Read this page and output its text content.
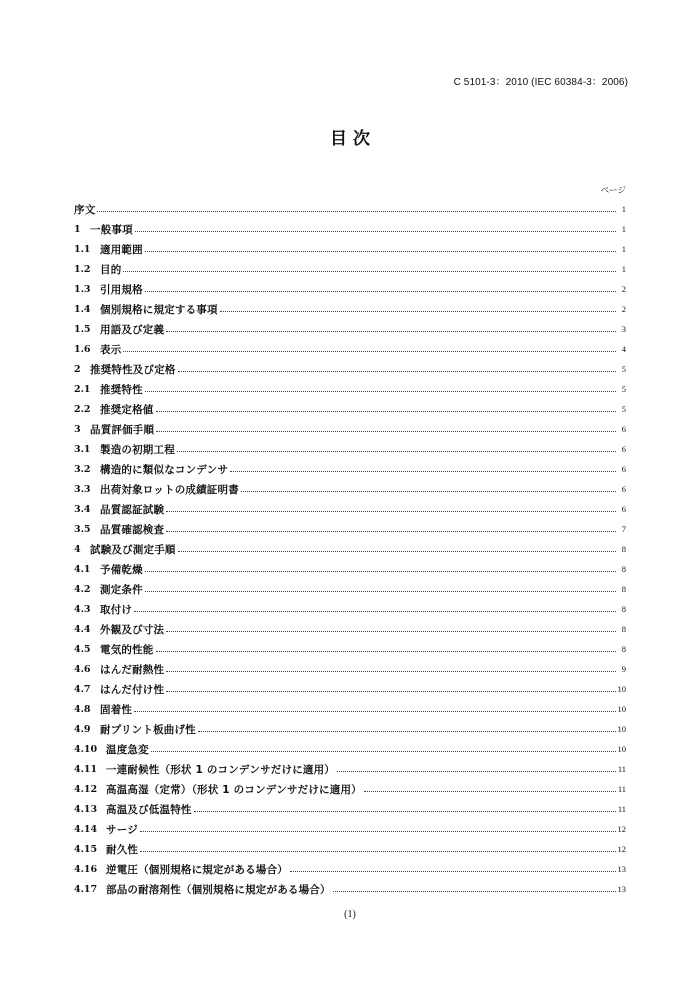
C 5101-3：2010 (IEC 60384-3：2006)
目 次
ページ
序文	1
1 一般事項	1
1.1 適用範囲	1
1.2 目的	1
1.3 引用規格	2
1.4 個別規格に規定する事項	2
1.5 用語及び定義	3
1.6 表示	4
2 推奨特性及び定格	5
2.1 推奨特性	5
2.2 推奨定格値	5
3 品質評価手順	6
3.1 製造の初期工程	6
3.2 構造的に類似なコンデンサ	6
3.3 出荷対象ロットの成績証明書	6
3.4 品質認証試験	6
3.5 品質確認検査	7
4 試験及び測定手順	8
4.1 予備乾燥	8
4.2 測定条件	8
4.3 取付け	8
4.4 外観及び寸法	8
4.5 電気的性能	8
4.6 はんだ耐熱性	9
4.7 はんだ付け性	10
4.8 固着性	10
4.9 耐プリント板曲げ性	10
4.10 温度急変	10
4.11 一連耐候性（形状 1 のコンデンサだけに適用）	11
4.12 高温高湿（定常）（形状 1 のコンデンサだけに適用）	11
4.13 高温及び低温特性	11
4.14 サージ	12
4.15 耐久性	12
4.16 逆電圧（個別規格に規定がある場合）	13
4.17 部品の耐溶剤性（個別規格に規定がある場合）	13
(1)
